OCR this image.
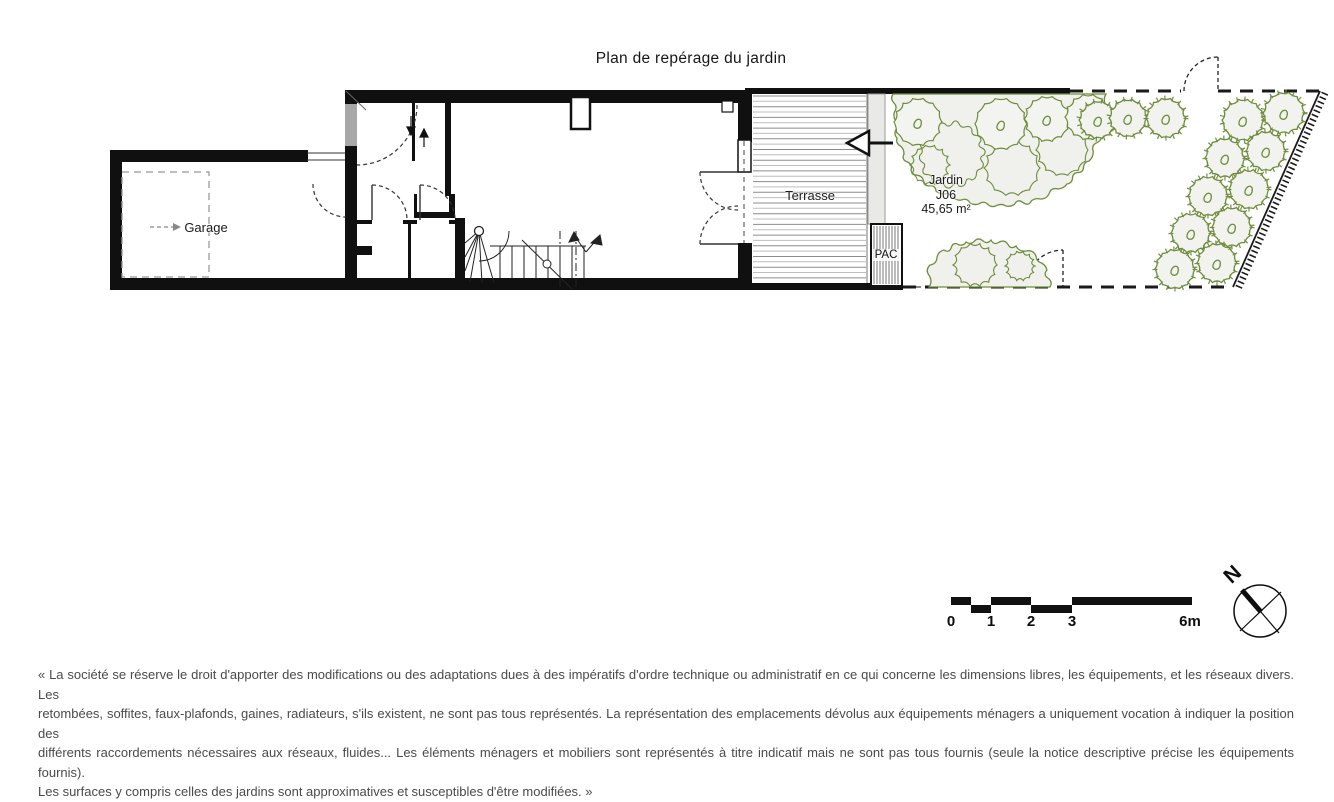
Plan de repérage du jardin
Garage
Terrasse
Jardin
J06
45,65 m²
PAC
0 1 2 3	6m
N
« La société se réserve le droit d'apporter des modifications ou des adaptations dues à des impératifs d'ordre technique ou administratif en ce qui concerne les dimensions libres, les équipements, et les réseaux divers. Les
retombées, soffites, faux-plafonds, gaines, radiateurs, s'ils existent, ne sont pas tous représentés. La représentation des emplacements dévolus aux équipements ménagers a uniquement vocation à indiquer la position des
différents raccordements nécessaires aux réseaux, fluides... Les éléments ménagers et mobiliers sont représentés à titre indicatif mais ne sont pas tous fournis (seule la notice descriptive précise les équipements fournis).
Les surfaces y compris celles des jardins sont approximatives et susceptibles d'être modifiées. »
